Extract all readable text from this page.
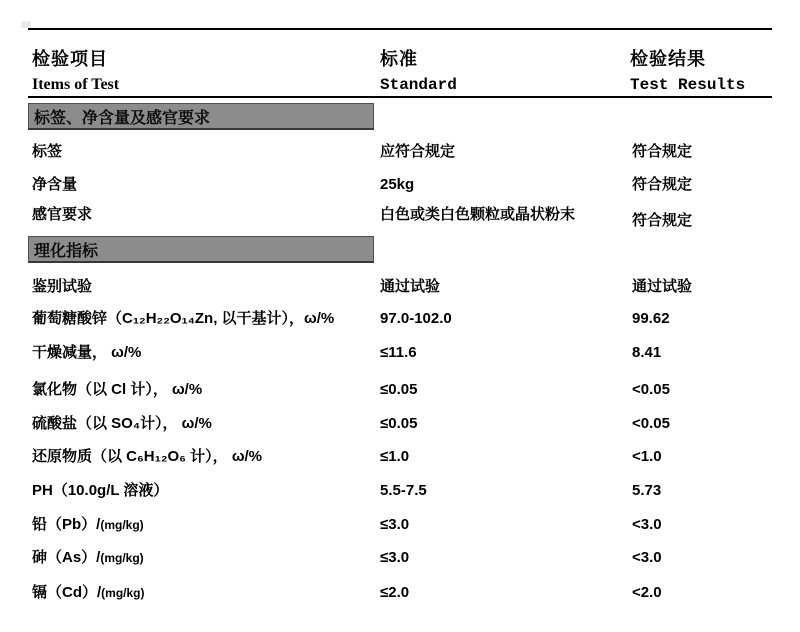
检验项目	标准	检验结果
Items of Test	Standard	Test Results
标签、净含量及感官要求
标签	应符合规定	符合规定
净含量	25kg	符合规定
感官要求	白色或类白色颗粒或晶状粉末	符合规定
理化指标
鉴别试验	通过试验	通过试验
葡萄糖酸锌（C₁₂H₂₂O₁₄Zn, 以干基计），ω/%	97.0-102.0	99.62
干燥减量， ω/%	≤11.6	8.41
氯化物（以 Cl 计）， ω/%	≤0.05	<0.05
硫酸盐（以 SO₄计）， ω/%	≤0.05	<0.05
还原物质（以 C₆H₁₂O₆ 计）， ω/%	≤1.0	<1.0
PH（10.0g/L 溶液）	5.5-7.5	5.73
铅（Pb）/(mg/kg)	≤3.0	<3.0
砷（As）/(mg/kg)	≤3.0	<3.0
镉（Cd）/(mg/kg)	≤2.0	<2.0
